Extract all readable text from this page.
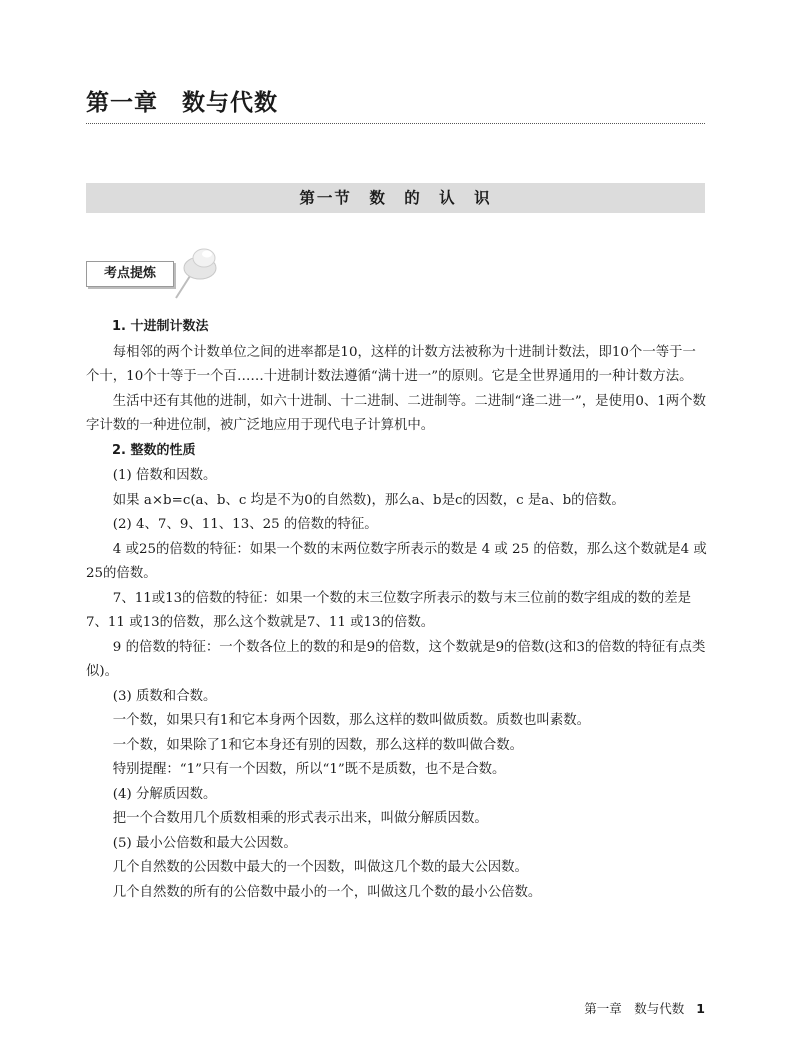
第一章　数与代数
第一节　数 的 认 识
考点提炼

1. 十进制计数法

每相邻的两个计数单位之间的进率都是10，这样的计数方法被称为十进制计数法，即10个一等于一个十，10个十等于一个百……十进制计数法遵循“满十进一”的原则。它是全世界通用的一种计数方法。

生活中还有其他的进制，如六十进制、十二进制、二进制等。二进制“逢二进一”，是使用0、1两个数字计数的一种进位制，被广泛地应用于现代电子计算机中。

2. 整数的性质

(1) 倍数和因数。

如果 a×b=c(a、b、c 均是不为0的自然数)，那么a、b是c的因数，c 是a、b的倍数。

(2) 4、7、9、11、13、25 的倍数的特征。

4 或25的倍数的特征：如果一个数的末两位数字所表示的数是 4 或 25 的倍数，那么这个数就是4 或25的倍数。

7、11或13的倍数的特征：如果一个数的末三位数字所表示的数与末三位前的数字组成的数的差是7、11 或13的倍数，那么这个数就是7、11 或13的倍数。

9 的倍数的特征：一个数各位上的数的和是9的倍数，这个数就是9的倍数(这和3的倍数的特征有点类似)。

(3) 质数和合数。

一个数，如果只有1和它本身两个因数，那么这样的数叫做质数。质数也叫素数。

一个数，如果除了1和它本身还有别的因数，那么这样的数叫做合数。

特别提醒：“1”只有一个因数，所以“1”既不是质数，也不是合数。

(4) 分解质因数。

把一个合数用几个质数相乘的形式表示出来，叫做分解质因数。

(5) 最小公倍数和最大公因数。

几个自然数的公因数中最大的一个因数，叫做这几个数的最大公因数。

几个自然数的所有的公倍数中最小的一个，叫做这几个数的最小公倍数。

第一章　数与代数 1
